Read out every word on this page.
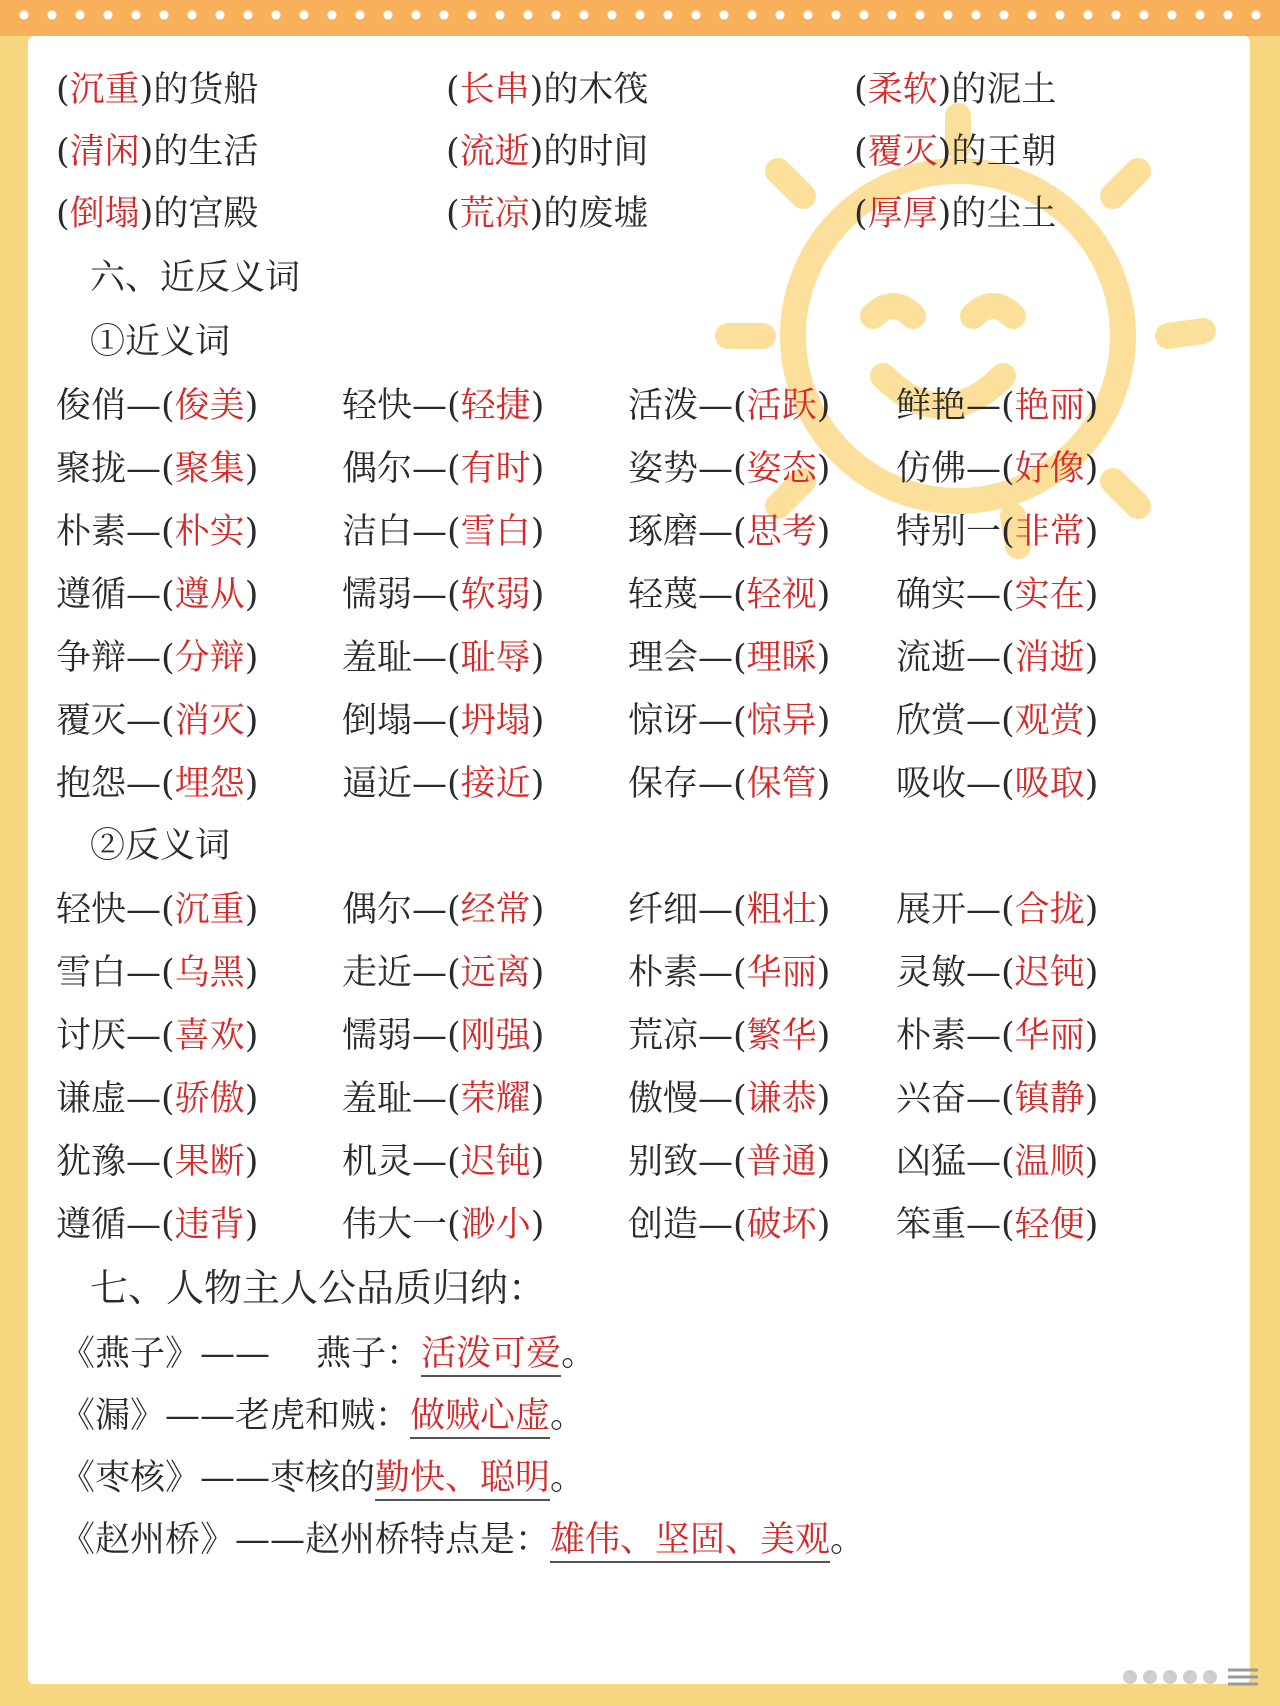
(沉重)的货船	(长串)的木筏	(柔软)的泥土
(清闲)的生活	(流逝)的时间	(覆灭)的王朝
(倒塌)的宫殿	(荒凉)的废墟	(厚厚)的尘土
六、近反义词
①近义词
俊俏—(俊美) 轻快—(轻捷) 活泼—(活跃) 鲜艳—(艳丽)
聚拢—(聚集) 偶尔—(有时) 姿势—(姿态) 仿佛—(好像)
朴素—(朴实) 洁白—(雪白) 琢磨—(思考) 特别一(非常)
遵循—(遵从) 懦弱—(软弱) 轻蔑—(轻视) 确实—(实在)
争辩—(分辩) 羞耻—(耻辱) 理会—(理睬) 流逝—(消逝)
覆灭—(消灭) 倒塌—(坍塌) 惊讶—(惊异) 欣赏—(观赏)
抱怨—(埋怨) 逼近—(接近) 保存—(保管) 吸收—(吸取)
②反义词
轻快—(沉重) 偶尔—(经常) 纤细—(粗壮) 展开—(合拢)
雪白—(乌黑) 走近—(远离) 朴素—(华丽) 灵敏—(迟钝)
讨厌—(喜欢) 懦弱—(刚强) 荒凉—(繁华) 朴素—(华丽)
谦虚—(骄傲) 羞耻—(荣耀) 傲慢—(谦恭) 兴奋—(镇静)
犹豫—(果断) 机灵—(迟钝) 别致—(普通) 凶猛—(温顺)
遵循—(违背) 伟大一(渺小) 创造—(破坏) 笨重—(轻便)
七、人物主人公品质归纳：
《燕子》——　 燕子：活泼可爱。
《漏》——老虎和贼：做贼心虚。
《枣核》——枣核的勤快、聪明。
《赵州桥》——赵州桥特点是：雄伟、坚固、美观。
